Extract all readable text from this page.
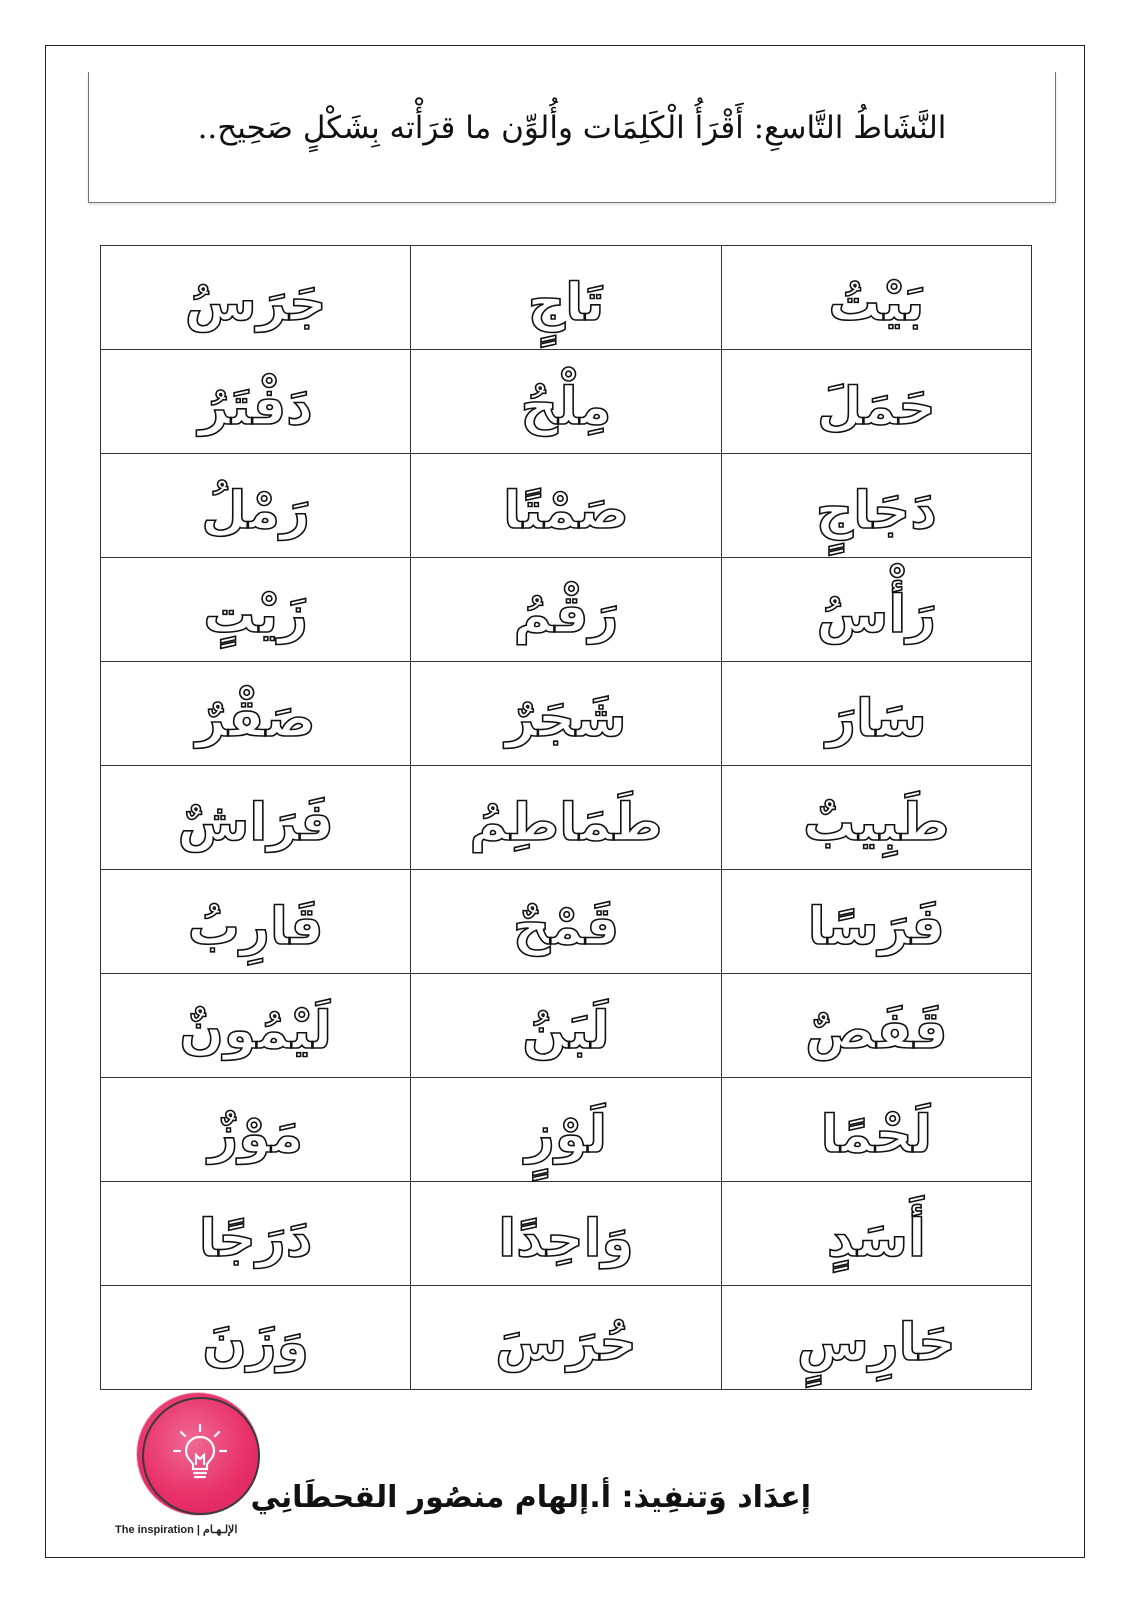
النَّشَاطُ التَّاسعِ: أَقْرَأُ الْكَلِمَات وأُلوِّن ما قرَأْته بِشَكْلٍ صَحِيح..
بَيْتُ	تَاجٍ	جَرَسُ
حَمَلَ	مِلْحُ	دَفْتَرُ
دَجَاجٍ	صَمْتًا	رَمْلُ
رَأْسُ	رَقْمُ	زَيْتٍ
سَارَ	شَجَرٌ	صَقْرٌ
طَبِيبٌ	طَمَاطِمُ	فَرَاشٌ
فَرَسًا	قَمْحٌ	قَارِبُ
قَفَصٌ	لَبَنُ	لَيْمُونٌ
لَحْمًا	لَوْزٍ	مَوْزٌ
أَسَدٍ	وَاحِدًا	دَرَجًا
حَارِسٍ	حُرَسَ	وَزَنَ
The inspiration | الإلـهـام
إعدَاد وَتنفِيذ: أ.إلهام منصُور القحطَانِي
